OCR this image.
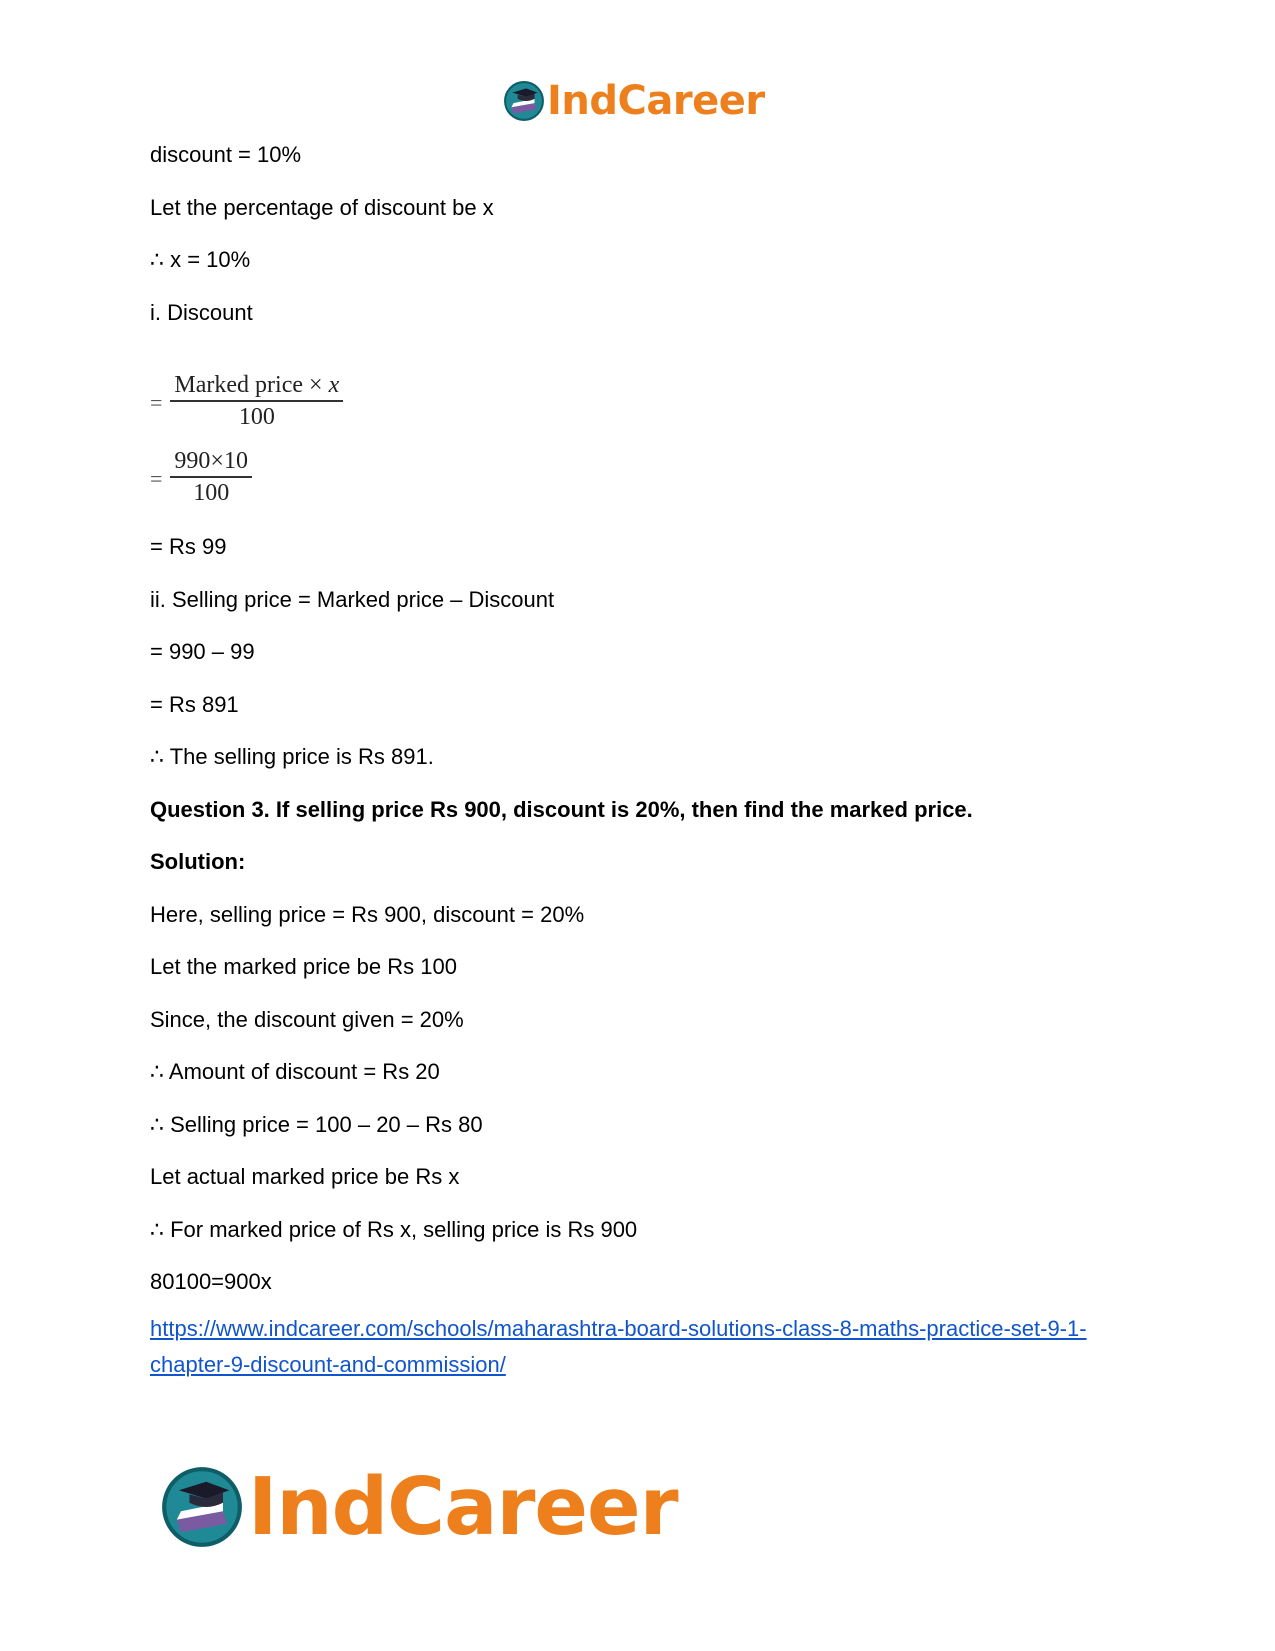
IndCareer

discount = 10%

Let the percentage of discount be x

∴ x = 10%

i. Discount

= $\frac{\text{Marked price × x}}{100}$
= $\frac{990\times 10}{100}$

= Rs 99

ii. Selling price = Marked price – Discount

= 990 – 99

= Rs 891

∴ The selling price is Rs 891.

Question 3. If selling price Rs 900, discount is 20%, then find the marked price.

Solution:

Here, selling price = Rs 900, discount = 20%

Let the marked price be Rs 100

Since, the discount given = 20%

∴ Amount of discount = Rs 20

∴ Selling price = 100 – 20 – Rs 80

Let actual marked price be Rs x

∴ For marked price of Rs x, selling price is Rs 900

80100=900x

https://www.indcareer.com/schools/maharashtra-board-solutions-class-8-maths-practice-set-9-1-chapter-9-discount-and-commission/
IndCareer
